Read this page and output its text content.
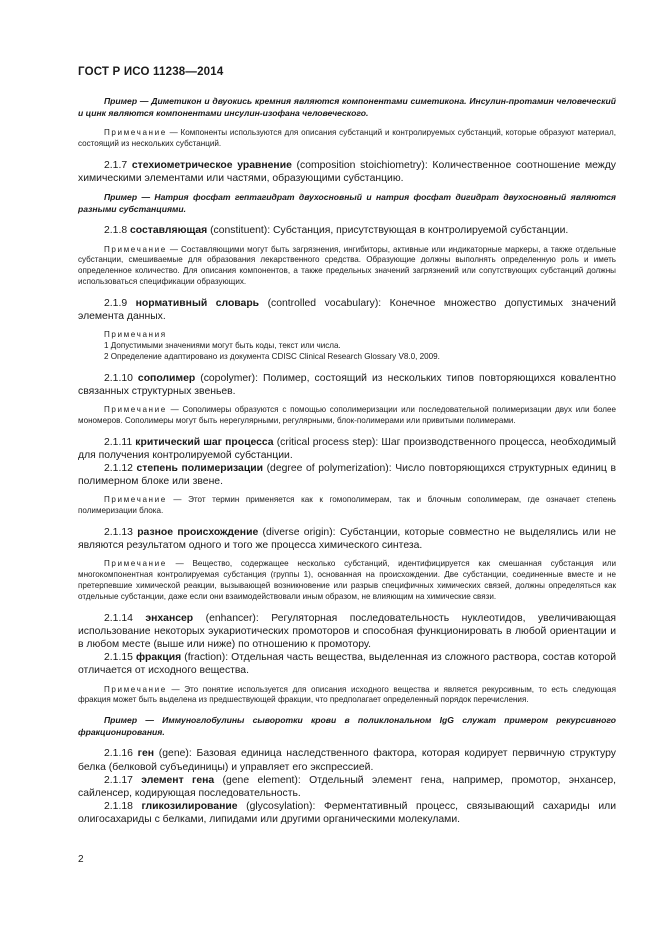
ГОСТ Р ИСО 11238—2014

Пример — Диметикон и двуокись кремния являются компонентами симетикона. Инсулин-протамин человеческий и цинк являются компонентами инсулин-изофана человеческого.

Примечание — Компоненты используются для описания субстанций и контролируемых субстанций, которые образуют материал, состоящий из нескольких субстанций.

2.1.7 стехиометрическое уравнение (composition stoichiometry): Количественное соотношение между химическими элементами или частями, образующими субстанцию.

Пример — Натрия фосфат гептагидрат двухосновный и натрия фосфат дигидрат двухосновный являются разными субстанциями.

2.1.8 составляющая (constituent): Субстанция, присутствующая в контролируемой субстанции.

Примечание — Составляющими могут быть загрязнения, ингибиторы, активные или индикаторные маркеры, а также отдельные субстанции, смешиваемые для образования лекарственного средства. Образующие должны выполнять определенную роль и иметь определенное количество. Для описания компонентов, а также предельных значений загрязнений или сопутствующих субстанций должны использоваться спецификации образующих.

2.1.9 нормативный словарь (controlled vocabulary): Конечное множество допустимых значений элемента данных.

Примечания
1 Допустимыми значениями могут быть коды, текст или числа.
2 Определение адаптировано из документа CDISC Clinical Research Glossary V8.0, 2009.

2.1.10 сополимер (copolymer): Полимер, состоящий из нескольких типов повторяющихся ковалентно связанных структурных звеньев.

Примечание — Сополимеры образуются с помощью сополимеризации или последовательной полимеризации двух или более мономеров. Сополимеры могут быть нерегулярными, регулярными, блок-полимерами или привитыми полимерами.

2.1.11 критический шаг процесса (critical process step): Шаг производственного процесса, необходимый для получения контролируемой субстанции.

2.1.12 степень полимеризации (degree of polymerization): Число повторяющихся структурных единиц в полимерном блоке или звене.

Примечание — Этот термин применяется как к гомополимерам, так и блочным сополимерам, где означает степень полимеризации блока.

2.1.13 разное происхождение (diverse origin): Субстанции, которые совместно не выделялись или не являются результатом одного и того же процесса химического синтеза.

Примечание — Вещество, содержащее несколько субстанций, идентифицируется как смешанная субстанция или многокомпонентная контролируемая субстанция (группы 1), основанная на происхождении. Две субстанции, соединенные вместе и не претерпевшие химической реакции, вызывающей возникновение или разрыв специфичных химических связей, должны определяться как отдельные субстанции, даже если они взаимодействовали иным образом, не влияющим на химические связи.

2.1.14 энхансер (enhancer): Регуляторная последовательность нуклеотидов, увеличивающая использование некоторых эукариотических промоторов и способная функционировать в любой ориентации и в любом месте (выше или ниже) по отношению к промотору.

2.1.15 фракция (fraction): Отдельная часть вещества, выделенная из сложного раствора, состав которой отличается от исходного вещества.

Примечание — Это понятие используется для описания исходного вещества и является рекурсивным, то есть следующая фракция может быть выделена из предшествующей фракции, что предполагает определенный порядок перечисления.

Пример — Иммуноглобулины сыворотки крови в поликлональном IgG служат примером рекурсивного фракционирования.

2.1.16 ген (gene): Базовая единица наследственного фактора, которая кодирует первичную структуру белка (белковой субъединицы) и управляет его экспрессией.

2.1.17 элемент гена (gene element): Отдельный элемент гена, например, промотор, энхансер, сайленсер, кодирующая последовательность.

2.1.18 гликозилирование (glycosylation): Ферментативный процесс, связывающий сахариды или олигосахариды с белками, липидами или другими органическими молекулами.

2
